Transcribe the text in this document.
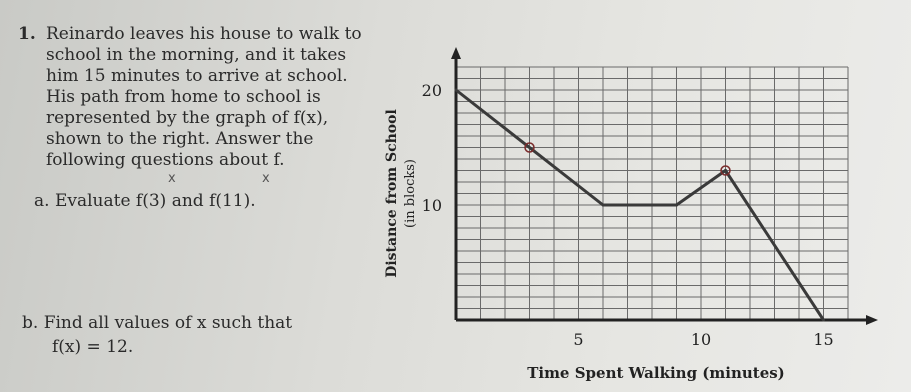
1. Reinardo leaves his house to walk to
school in the morning, and it takes
him 15 minutes to arrive at school.
His path from home to school is
represented by the graph of f(x),
shown to the right. Answer the
following questions about f.
x	x
a. Evaluate f(3) and f(11).
b. Find all values of x such that
f(x) = 12.	5	10	15
10
20
Time Spent Walking (minutes)
Distance from School (in blocks)
